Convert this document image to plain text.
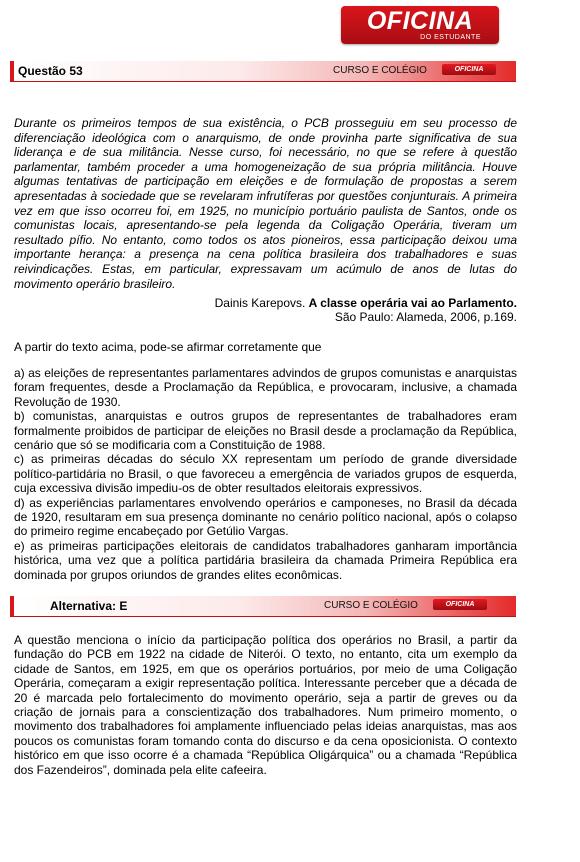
OFICINA
DO ESTUDANTE
Questão 53	CURSO E COLÉGIO	OFICINA
Durante os primeiros tempos de sua existência, o PCB prosseguiu em seu processo de diferenciação ideológica com o anarquismo, de onde provinha parte significativa de sua liderança e de sua militância. Nesse curso, foi necessário, no que se refere à questão parlamentar, também proceder a uma homogeneização de sua própria militância. Houve algumas tentativas de participação em eleições e de formulação de propostas a serem apresentadas à sociedade que se revelaram infrutíferas por questões conjunturais. A primeira vez em que isso ocorreu foi, em 1925, no município portuário paulista de Santos, onde os comunistas locais, apresentando-se pela legenda da Coligação Operária, tiveram um resultado pífio. No entanto, como todos os atos pioneiros, essa participação deixou uma importante herança: a presença na cena política brasileira dos trabalhadores e suas reivindicações. Estas, em particular, expressavam um acúmulo de anos de lutas do movimento operário brasileiro.
Dainis Karepovs. A classe operária vai ao Parlamento.
São Paulo: Alameda, 2006, p.169.
A partir do texto acima, pode-se afirmar corretamente que

a) as eleições de representantes parlamentares advindos de grupos comunistas e anarquistas foram frequentes, desde a Proclamação da República, e provocaram, inclusive, a chamada Revolução de 1930.

b) comunistas, anarquistas e outros grupos de representantes de trabalhadores eram formalmente proibidos de participar de eleições no Brasil desde a proclamação da República, cenário que só se modificaria com a Constituição de 1988.

c) as primeiras décadas do século XX representam um período de grande diversidade político-partidária no Brasil, o que favoreceu a emergência de variados grupos de esquerda, cuja excessiva divisão impediu-os de obter resultados eleitorais expressivos.

d) as experiências parlamentares envolvendo operários e camponeses, no Brasil da década de 1920, resultaram em sua presença dominante no cenário político nacional, após o colapso do primeiro regime encabeçado por Getúlio Vargas.

e) as primeiras participações eleitorais de candidatos trabalhadores ganharam importância histórica, uma vez que a política partidária brasileira da chamada Primeira República era dominada por grupos oriundos de grandes elites econômicas.

Alternativa: E	CURSO E COLÉGIO	OFICINA
A questão menciona o início da participação política dos operários no Brasil, a partir da fundação do PCB em 1922 na cidade de Niterói. O texto, no entanto, cita um exemplo da cidade de Santos, em 1925, em que os operários portuários, por meio de uma Coligação Operária, começaram a exigir representação política. Interessante perceber que a década de 20 é marcada pelo fortalecimento do movimento operário, seja a partir de greves ou da criação de jornais para a conscientização dos trabalhadores. Num primeiro momento, o movimento dos trabalhadores foi amplamente influenciado pelas ideias anarquistas, mas aos poucos os comunistas foram tomando conta do discurso e da cena oposicionista. O contexto histórico em que isso ocorre é a chamada “República Oligárquica” ou a chamada “República dos Fazendeiros”, dominada pela elite cafeeira.
